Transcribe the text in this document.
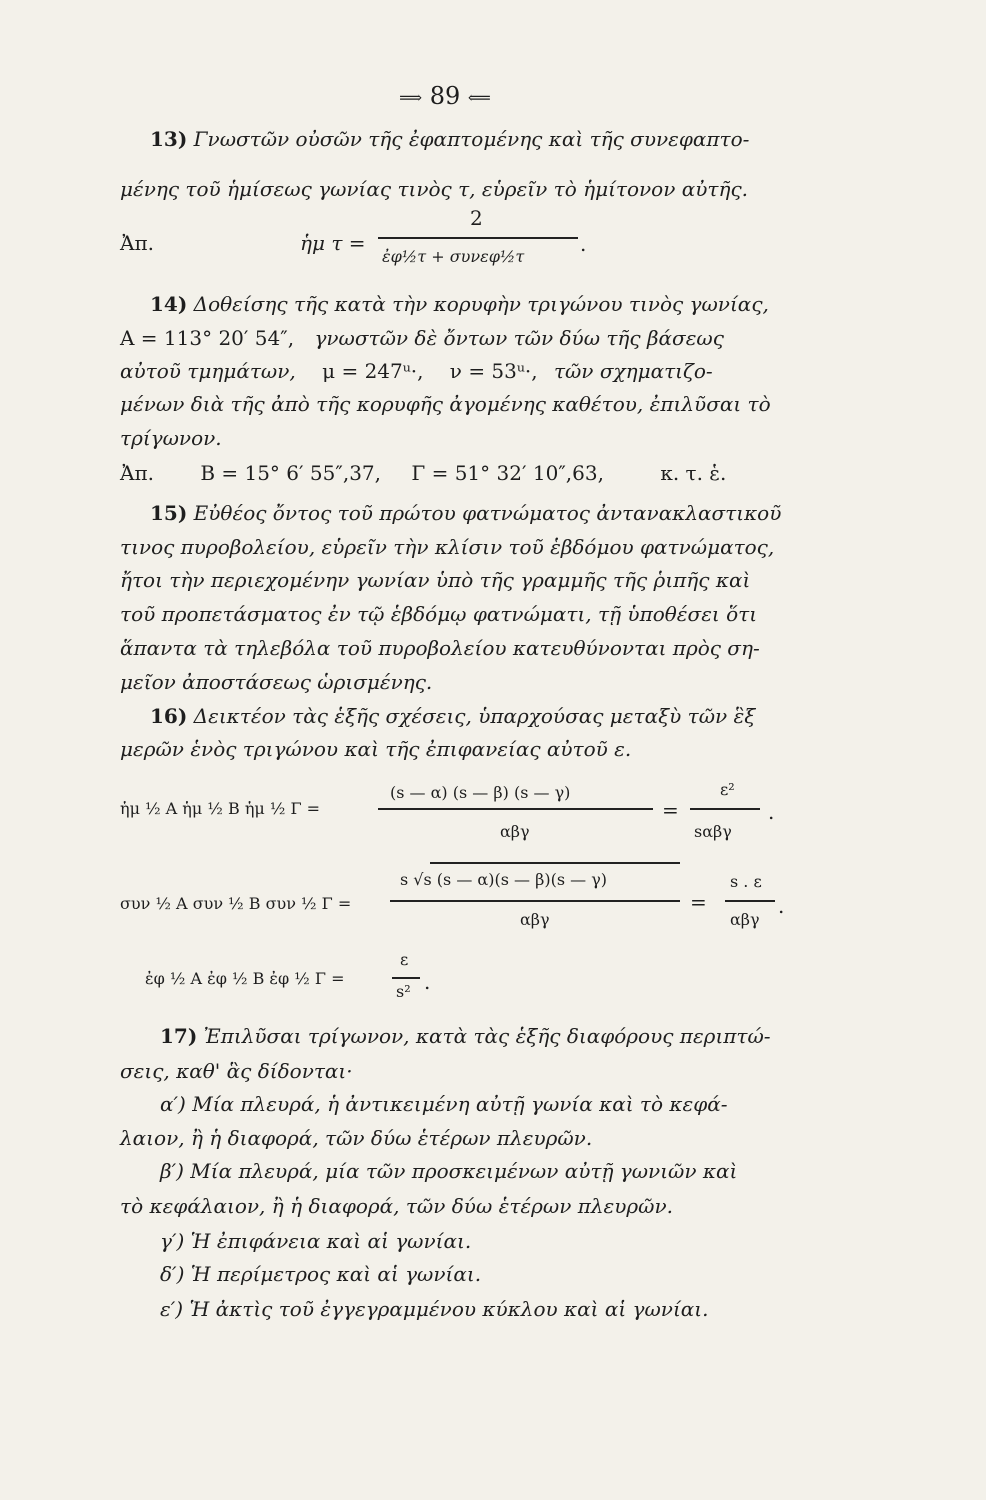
⟹ 89 ⟸
13) Γνωστῶν οὐσῶν τῆς ἐφαπτομένης καὶ τῆς συνεφαπτο-
μένης τοῦ ἡμίσεως γωνίας τινὸς τ, εὑρεῖν τὸ ἡμίτονον αὐτῆς.
Ἀπ.	ἡμ τ =
2
ἐφ½τ + συνεφ½τ
.
14) Δοθείσης τῆς κατὰ τὴν κορυφὴν τριγώνου τινὸς γωνίας,
Α = 113° 20′ 54″, γνωστῶν δὲ ὄντων τῶν δύω τῆς βάσεως
αὐτοῦ τμημάτων, μ = 247ᵘ·, ν = 53ᵘ·, τῶν σχηματιζο-
μένων διὰ τῆς ἀπὸ τῆς κορυφῆς ἀγομένης καθέτου, ἐπιλῦσαι τὸ
τρίγωνον.
Ἀπ. Β = 15° 6′ 55″,37, Γ = 51° 32′ 10″,63,	κ. τ. ἑ.
15) Εὐθέος ὄντος τοῦ πρώτου φατνώματος ἀντανακλαστικοῦ
τινος πυροβολείου, εὑρεῖν τὴν κλίσιν τοῦ ἑβδόμου φατνώματος,
ἤτοι τὴν περιεχομένην γωνίαν ὑπὸ τῆς γραμμῆς τῆς ῥιπῆς καὶ
τοῦ προπετάσματος ἐν τῷ ἑβδόμῳ φατνώματι, τῇ ὑποθέσει ὅτι
ἅπαντα τὰ τηλεβόλα τοῦ πυροβολείου κατευθύνονται πρὸς ση-
μεῖον ἀποστάσεως ὡρισμένης.
16) Δεικτέον τὰς ἑξῆς σχέσεις, ὑπαρχούσας μεταξὺ τῶν ἓξ
μερῶν ἑνὸς τριγώνου καὶ τῆς ἐπιφανείας αὐτοῦ ε.
ἡμ ½ Α ἡμ ½ Β ἡμ ½ Γ =
(s — α) (s — β) (s — γ)
αβγ
=
ε²
sαβγ
.
συν ½ Α συν ½ Β συν ½ Γ =
s √s (s — α)(s — β)(s — γ)
αβγ
=
s . ε
αβγ
.
ἐφ ½ Α ἐφ ½ Β ἐφ ½ Γ =
ε
s² .
17) Ἐπιλῦσαι τρίγωνον, κατὰ τὰς ἑξῆς διαφόρους περιπτώ-
σεις, καθ' ἃς δίδονται·
α′) Μία πλευρά, ἡ ἀντικειμένη αὐτῇ γωνία καὶ τὸ κεφά-
λαιον, ἢ ἡ διαφορά, τῶν δύω ἑτέρων πλευρῶν.
β′) Μία πλευρά, μία τῶν προσκειμένων αὐτῇ γωνιῶν καὶ
τὸ κεφάλαιον, ἢ ἡ διαφορά, τῶν δύω ἑτέρων πλευρῶν.
γ′) Ἡ ἐπιφάνεια καὶ αἱ γωνίαι.
δ′) Ἡ περίμετρος καὶ αἱ γωνίαι.
ε′) Ἡ ἀκτὶς τοῦ ἐγγεγραμμένου κύκλου καὶ αἱ γωνίαι.
